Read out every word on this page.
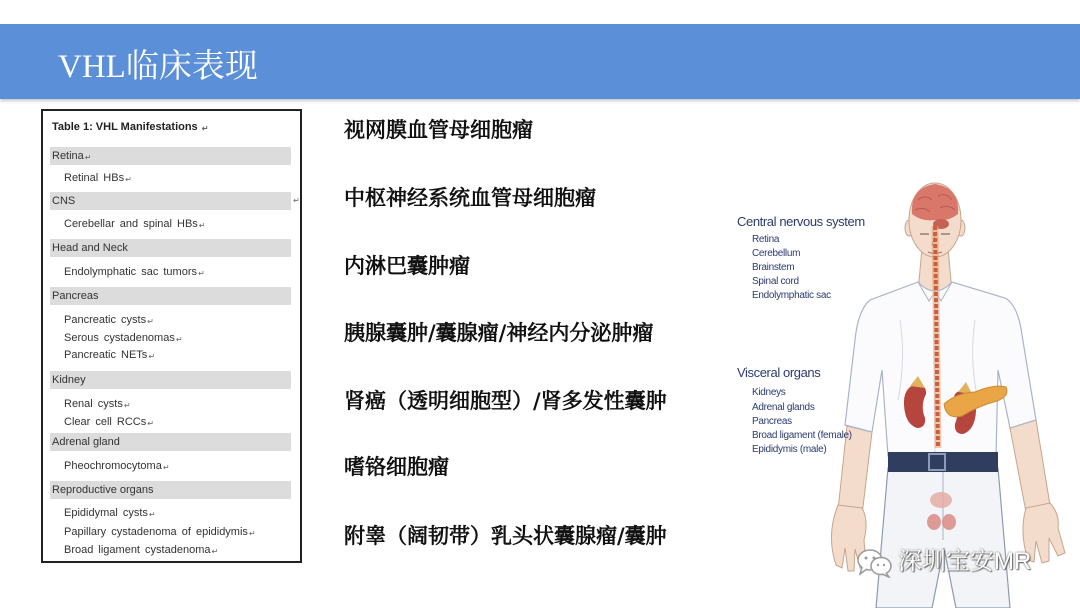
VHL临床表现
Table 1: VHL Manifestations ↵
Retina↵
Retinal HBs↵
CNS	↵
Cerebellar and spinal HBs↵
Head and Neck
Endolymphatic sac tumors↵
Pancreas
Pancreatic cysts↵
Serous cystadenomas↵
Pancreatic NETs↵
Kidney
Renal cysts↵
Clear cell RCCs↵
Adrenal gland
Pheochromocytoma↵
Reproductive organs
Epididymal cysts↵
Papillary cystadenoma of epididymis↵
Broad ligament cystadenoma↵
视网膜血管母细胞瘤
中枢神经系统血管母细胞瘤
内淋巴囊肿瘤
胰腺囊肿/囊腺瘤/神经内分泌肿瘤
肾癌（透明细胞型）/肾多发性囊肿
嗜铬细胞瘤
附睾（阔韧带）乳头状囊腺瘤/囊肿
Central nervous system
Retina
Cerebellum
Brainstem
Spinal cord
Endolymphatic sac
Visceral organs
Kidneys
Adrenal glands
Pancreas
Broad ligament (female)
Epididymis (male)
深圳宝安MR
